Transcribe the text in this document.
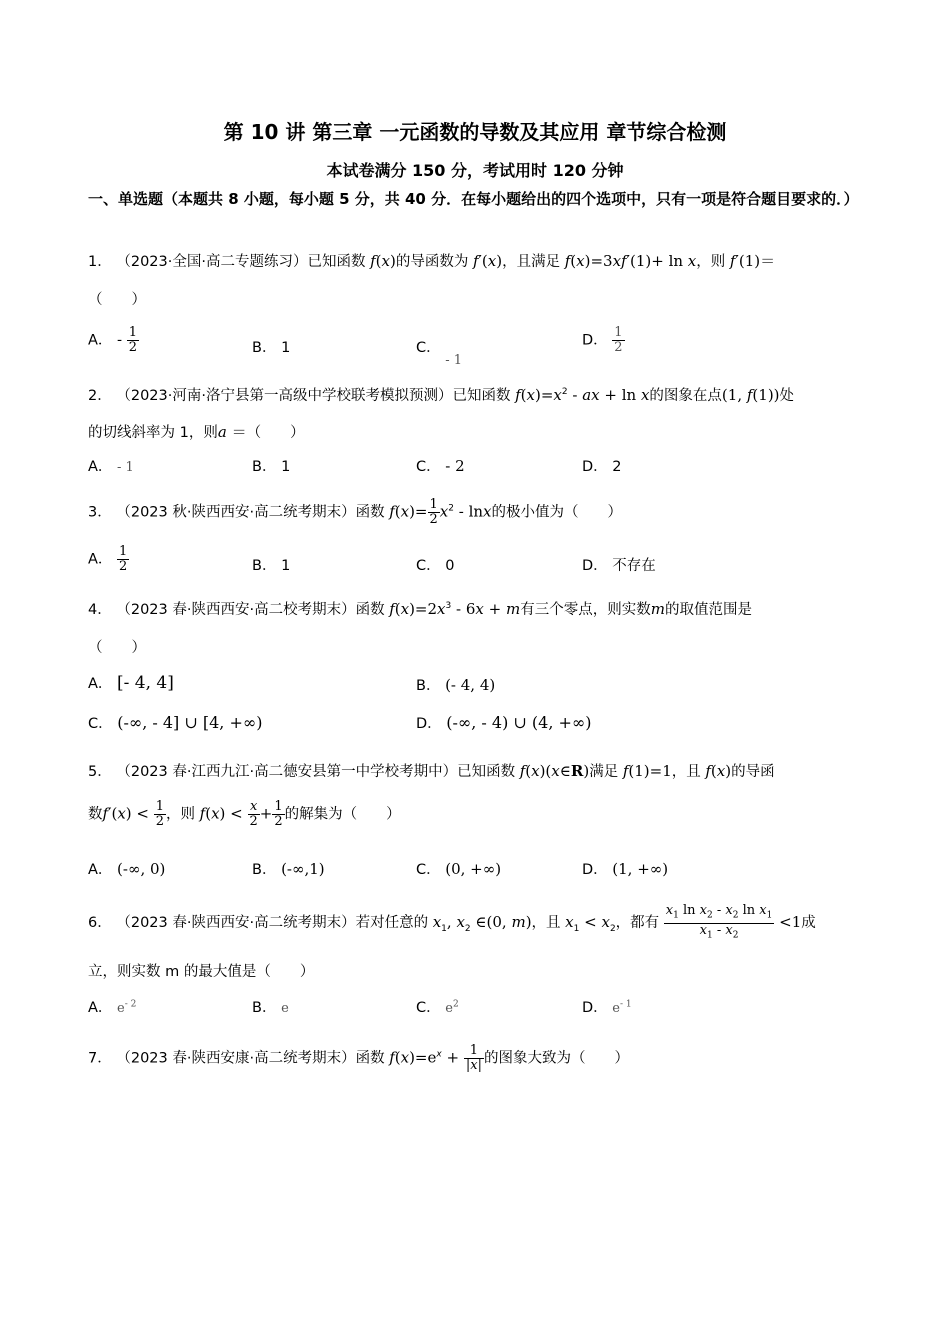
第 10 讲 第三章 一元函数的导数及其应用 章节综合检测
本试卷满分 150 分，考试用时 120 分钟
一、单选题（本题共 8 小题，每小题 5 分，共 40 分．在每小题给出的四个选项中，只有一项是符合题目要求的．）
1． （2023·全国·高二专题练习）已知函数 f(x)的导函数为 f′(x)，且满足 f(x)=3xf′(1)+ ln x，则 f′(1)＝
（　　）
A． - $\frac{1}{2}$	B． 1	C． - 1
D． $\frac{1}{2}$
2． （2023·河南·洛宁县第一高级中学校联考模拟预测）已知函数 $f(x)=x^2$ - ax + ln x的图象在点(1, f(1))处
的切线斜率为 1，则a ＝（　　）
A． - 1	B． 1	C． - 2	D． 2
3． （2023 秋·陕西西安·高二统考期末）函数 $f(x)= \frac{1}{2} x^2 - \ln x$的极小值为（　　）
A． $\frac{1}{2}$	B． 1	C． 0	D． 不存在
4． （2023 春·陕西西安·高二校考期末）函数 $f(x)=2x^3 - 6x + m$有三个零点，则实数m的取值范围是
（　　）
A． [- 4, 4]	B． (- 4, 4)
C． (-∞, - 4] ∪ [4, +∞)	D． (-∞, - 4) ∪ (4, +∞)
5． （2023 春·江西九江·高二德安县第一中学校考期中）已知函数 f(x)(x∈R)满足 f(1)=1，且 f(x)的导函
数$f'(x) < \frac{1}{2}$ ，则 $f(x) < \frac{x}{2} + \frac{1}{2}$ 的解集为（　　）
A． (-∞, 0)	B． (-∞,1)	C． (0, +∞)	D． (1, +∞)
6． （2023 春·陕西西安·高二统考期末）若对任意的 $x_1$, $x_2$ ∈(0, m)，且 $x_1 < x_2$，都有 $\frac{x_1 \ln x_2 - x_2 \ln x_1}{x_1 - x_2} <1$成
立，则实数 m 的最大值是（　　）
A． $e^{- 2}$	B． e	C． $e^2$	D． $e^{- 1}$
7． （2023 春·陕西安康·高二统考期末）函数 $f(x)=e^x + \frac{1}{|x|}$ 的图象大致为（　　）
